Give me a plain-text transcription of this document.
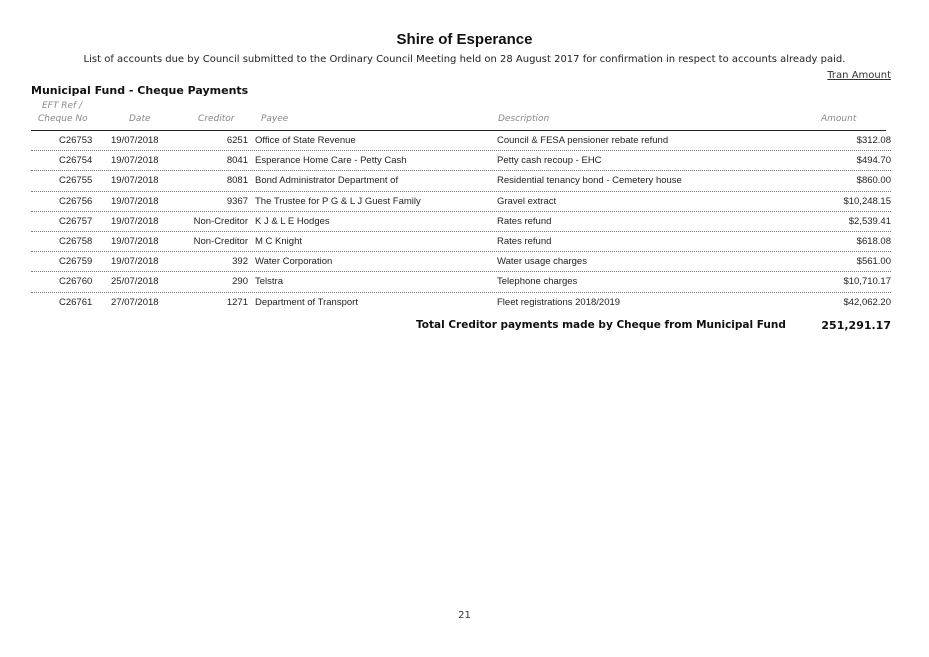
Shire of Esperance
List of accounts due by Council submitted to the Ordinary Council Meeting held on 28 August 2017 for confirmation in respect to accounts already paid.
Tran Amount
Municipal Fund - Cheque Payments
EFT Ref /
Cheque No	Date	Creditor	Payee	Description	Amount
C26753 19/07/2018	6251 Office of State Revenue	Council & FESA pensioner rebate refund	$312.08
C26754 19/07/2018	8041 Esperance Home Care - Petty Cash	Petty cash recoup - EHC	$494.70
C26755 19/07/2018	8081 Bond Administrator Department of	Residential tenancy bond - Cemetery house	$860.00
C26756 19/07/2018	9367 The Trustee for P G & L J Guest Family	Gravel extract	$10,248.15
C26757 19/07/2018	Non-Creditor K J & L E Hodges	Rates refund	$2,539.41
C26758 19/07/2018	Non-Creditor M C Knight	Rates refund	$618.08
C26759 19/07/2018	392 Water Corporation	Water usage charges	$561.00
C26760 25/07/2018	290 Telstra	Telephone charges	$10,710.17
C26761 27/07/2018	1271 Department of Transport	Fleet registrations 2018/2019	$42,062.20
Total Creditor payments made by Cheque from Municipal Fund	251,291.17
21
